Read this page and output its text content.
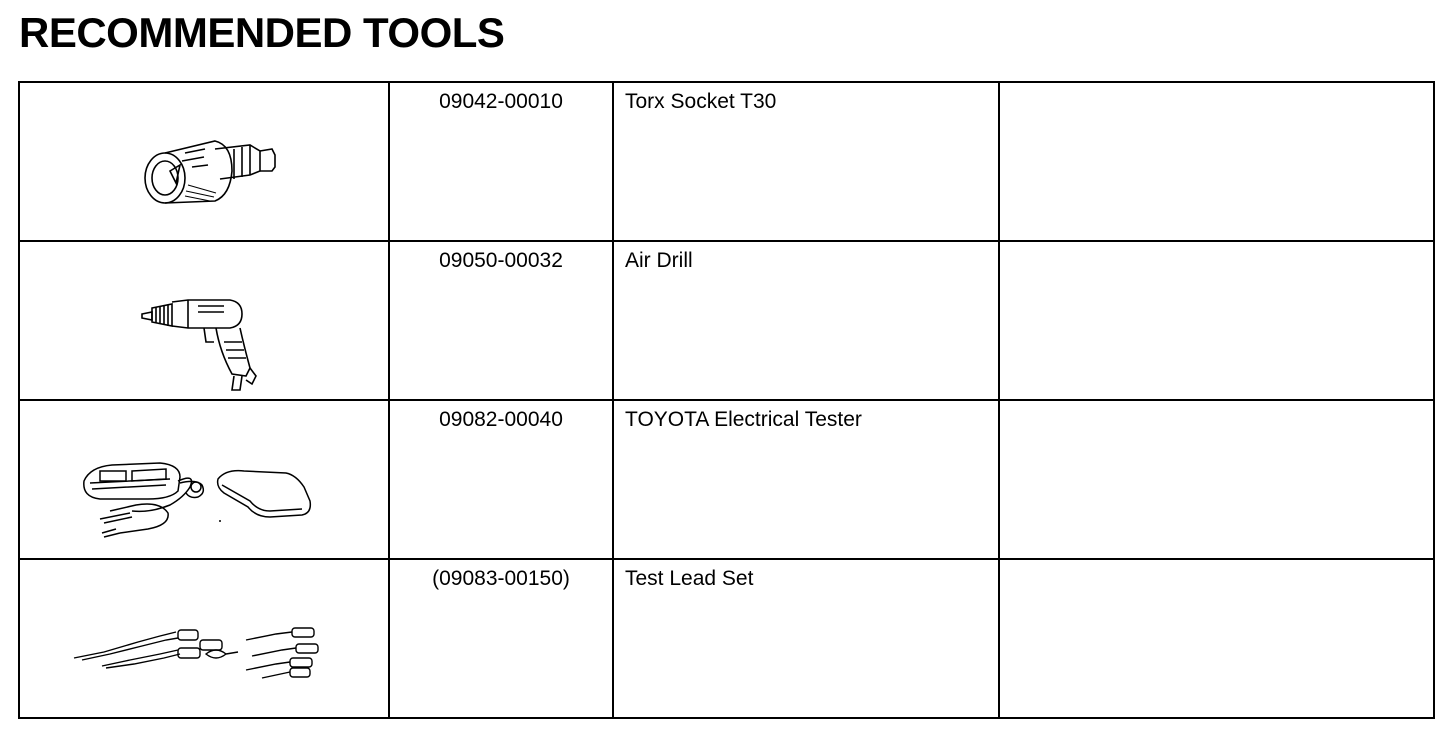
RECOMMENDED TOOLS

09042-00010	Torx Socket T30	

09050-00032	Air Drill	

09082-00040	TOYOTA Electrical Tester	

(09083-00150)	Test Lead Set	
